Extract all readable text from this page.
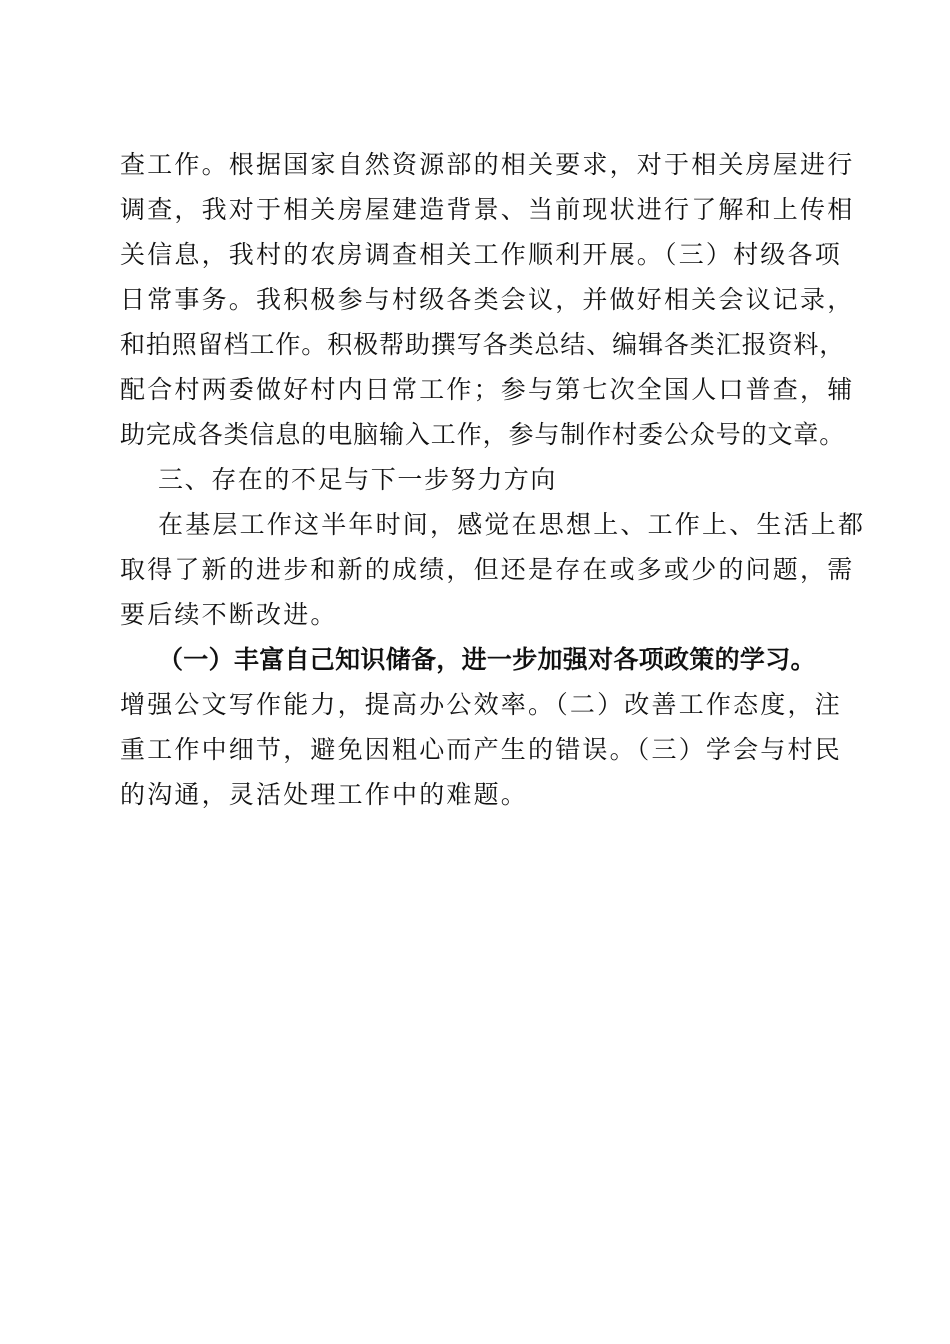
查工作。根据国家自然资源部的相关要求，对于相关房屋进行
调查，我对于相关房屋建造背景、当前现状进行了解和上传相
关信息，我村的农房调查相关工作顺利开展。（三）村级各项
日常事务。我积极参与村级各类会议，并做好相关会议记录，
和拍照留档工作。积极帮助撰写各类总结、编辑各类汇报资料，
配合村两委做好村内日常工作；参与第七次全国人口普查，辅
助完成各类信息的电脑输入工作，参与制作村委公众号的文章。
三、存在的不足与下一步努力方向
在基层工作这半年时间，感觉在思想上、工作上、生活上都
取得了新的进步和新的成绩，但还是存在或多或少的问题，需
要后续不断改进。
（一）丰富自己知识储备，进一步加强对各项政策的学习。
增强公文写作能力，提高办公效率。（二）改善工作态度，注
重工作中细节，避免因粗心而产生的错误。（三）学会与村民
的沟通，灵活处理工作中的难题。
